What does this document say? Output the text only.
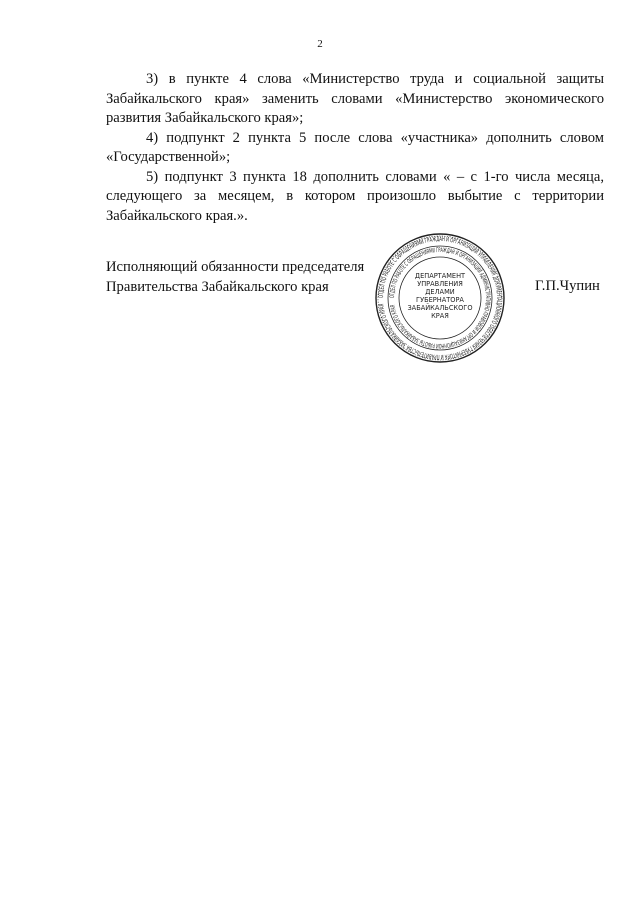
2

3) в пункте 4 слова «Министерство труда и социальной защиты Забайкальского края» заменить словами «Министерство экономического развития Забайкальского края»;

4) подпункт 2 пункта 5 после слова «участника» дополнить словом «Государственной»;

5) подпункт 3 пункта 18 дополнить словами « – с 1-го числа месяца, следующего за месяцем, в котором произошло выбытие с территории Забайкальского края.».

Исполняющий обязанности председателя
Правительства Забайкальского края
ОТДЕЛ ПО РАБОТЕ С ОБРАЩЕНИЯМИ ГРАЖДАН И ОРГАНИЗАЦИЙ УПРАВЛЕНИЯ ДОКУМЕНТАЦИОННОГО ОБЕСПЕЧЕНИЯ ГУБЕРНАТОРА И ПРАВИТЕЛЬСТВА ЗАБАЙКАЛЬСКОГО КРАЯ
ОТДЕЛ ПО РАБОТЕ С ОБРАЩЕНИЯМИ ГРАЖДАН И ОРГАНИЗАЦИЙ АДМИНИСТРАТИВНО-ПРАВОВОЙ И ОРГАНИЗАЦИОННОЙ РАБОТЫ ЗАБАЙКАЛЬСКОГО КРАЯ
ДЕПАРТАМЕНТ
УПРАВЛЕНИЯ
ДЕЛАМИ
ГУБЕРНАТОРА
ЗАБАЙКАЛЬСКОГО
КРАЯ
Г.П.Чупин
